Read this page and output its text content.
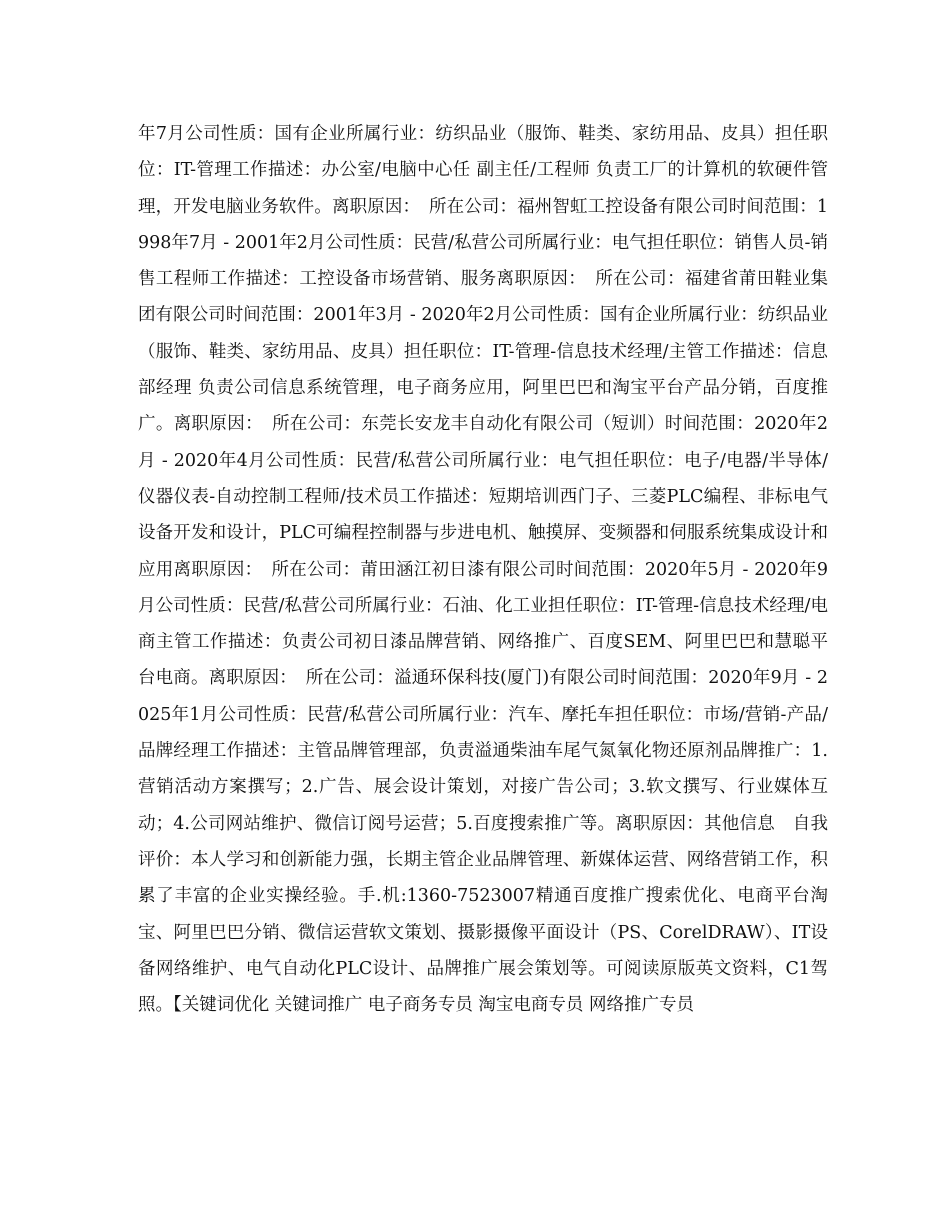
年7月公司性质：国有企业所属行业：纺织品业（服饰、鞋类、家纺用品、皮具）担任职位：IT-管理工作描述：办公室/电脑中心任 副主任/工程师 负责工厂的计算机的软硬件管理，开发电脑业务软件。离职原因：　所在公司：福州智虹工控设备有限公司时间范围：1998年7月 - 2001年2月公司性质：民营/私营公司所属行业：电气担任职位：销售人员-销售工程师工作描述：工控设备市场营销、服务离职原因：　所在公司：福建省莆田鞋业集团有限公司时间范围：2001年3月 - 2020年2月公司性质：国有企业所属行业：纺织品业（服饰、鞋类、家纺用品、皮具）担任职位：IT-管理-信息技术经理/主管工作描述：信息部经理 负责公司信息系统管理，电子商务应用，阿里巴巴和淘宝平台产品分销，百度推广。离职原因：　所在公司：东莞长安龙丰自动化有限公司（短训）时间范围：2020年2月 - 2020年4月公司性质：民营/私营公司所属行业：电气担任职位：电子/电器/半导体/仪器仪表-自动控制工程师/技术员工作描述：短期培训西门子、三菱PLC编程、非标电气设备开发和设计，PLC可编程控制器与步进电机、触摸屏、变频器和伺服系统集成设计和应用离职原因：　所在公司：莆田涵江初日漆有限公司时间范围：2020年5月 - 2020年9月公司性质：民营/私营公司所属行业：石油、化工业担任职位：IT-管理-信息技术经理/电商主管工作描述：负责公司初日漆品牌营销、网络推广、百度SEM、阿里巴巴和慧聪平台电商。离职原因：　所在公司：溢通环保科技(厦门)有限公司时间范围：2020年9月 - 2025年1月公司性质：民营/私营公司所属行业：汽车、摩托车担任职位：市场/营销-产品/品牌经理工作描述：主管品牌管理部，负责溢通柴油车尾气氮氧化物还原剂品牌推广：1.营销活动方案撰写；2.广告、展会设计策划，对接广告公司；3.软文撰写、行业媒体互动；4.公司网站维护、微信订阅号运营；5.百度搜索推广等。离职原因：其他信息　自我评价：本人学习和创新能力强，长期主管企业品牌管理、新媒体运营、网络营销工作，积累了丰富的企业实操经验。手.机:1360-7523007精通百度推广搜索优化、电商平台淘宝、阿里巴巴分销、微信运营软文策划、摄影摄像平面设计（PS、CorelDRAW）、IT设备网络维护、电气自动化PLC设计、品牌推广展会策划等。可阅读原版英文资料，C1驾照。【关键词优化 关键词推广 电子商务专员 淘宝电商专员 网络推广专员
